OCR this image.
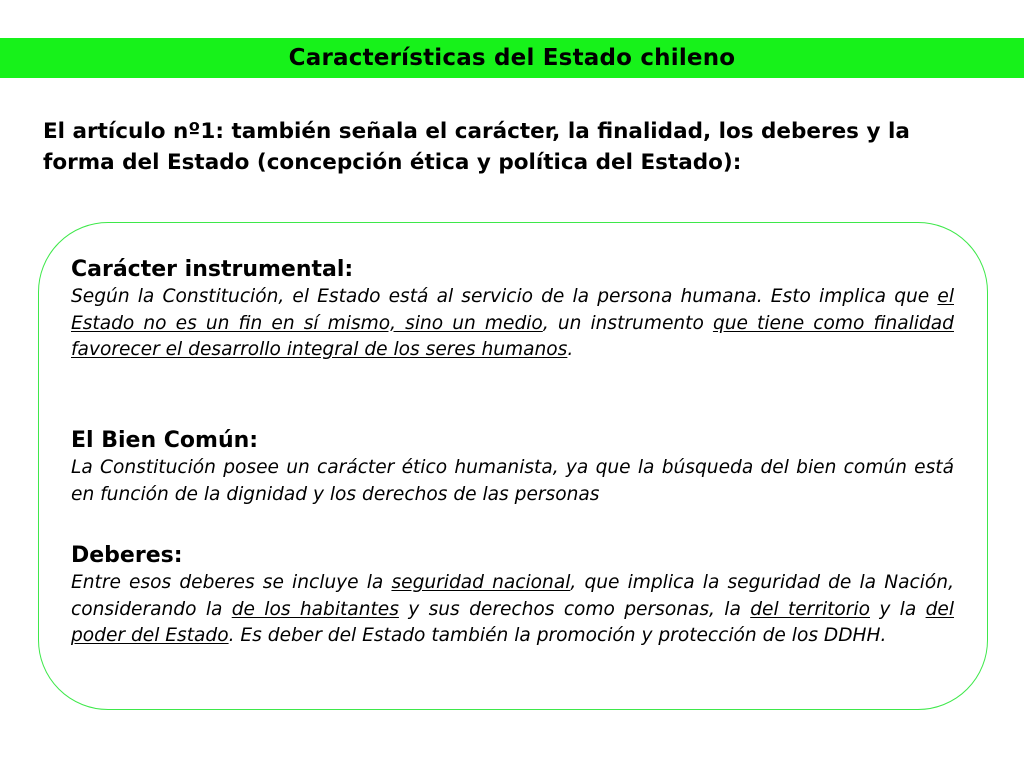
Características del Estado chileno
El artículo nº1: también señala el carácter, la finalidad, los deberes y la forma del Estado (concepción ética y política del Estado):
Carácter instrumental:

Según la Constitución, el Estado está al servicio de la persona humana. Esto implica que el Estado no es un fin en sí mismo, sino un medio, un instrumento que tiene como finalidad favorecer el desarrollo integral de los seres humanos.

El Bien Común:

La Constitución posee un carácter ético humanista, ya que la búsqueda del bien común está en función de la dignidad y los derechos de las personas

Deberes:

Entre esos deberes se incluye la seguridad nacional, que implica la seguridad de la Nación, considerando la de los habitantes y sus derechos como personas, la del territorio y la del poder del Estado. Es deber del Estado también la promoción y protección de los DDHH.
